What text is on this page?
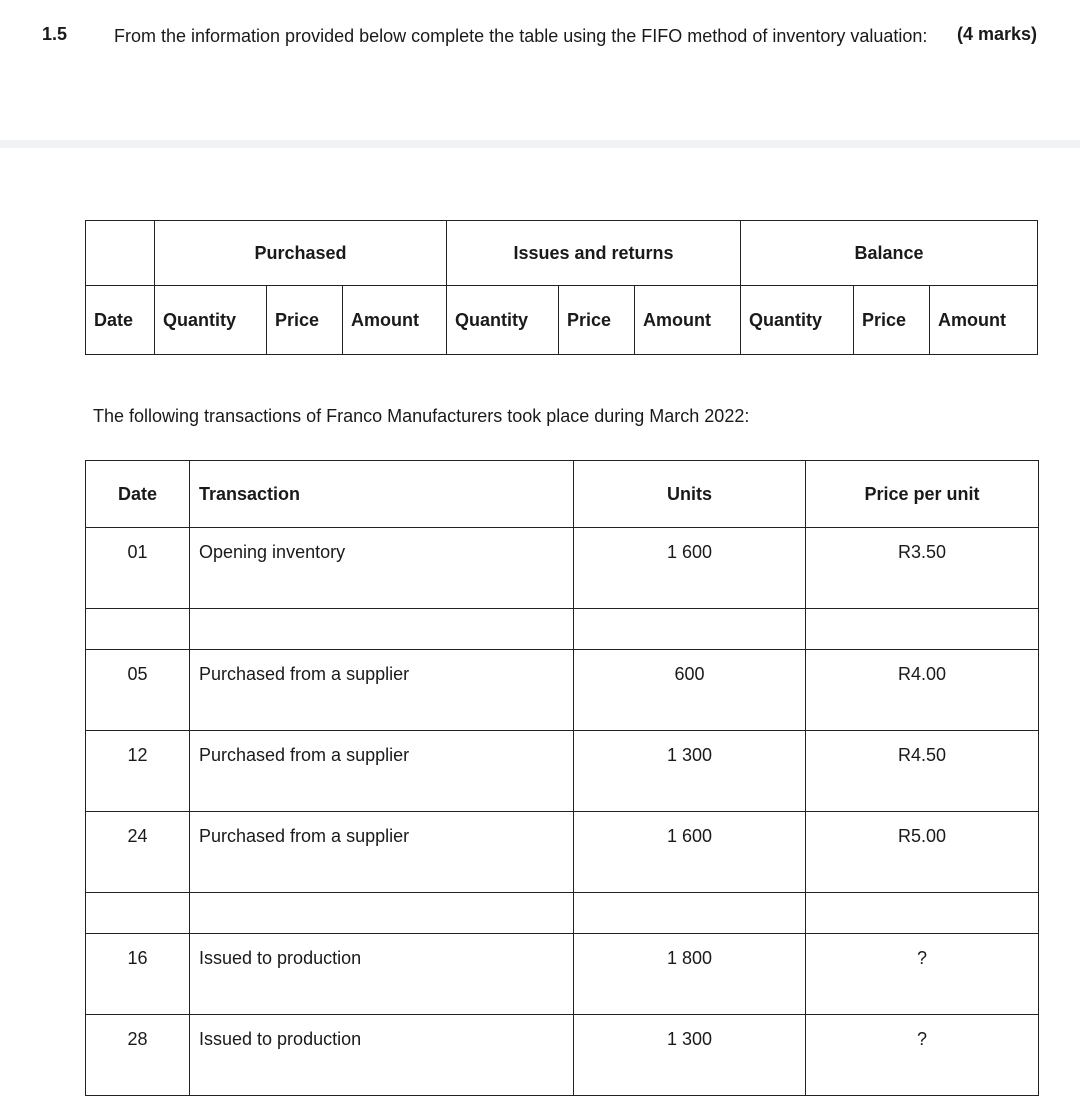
1.5	From the information provided below complete the table using the FIFO method of inventory valuation:	(4 marks)
	Purchased			Issues and returns			Balance		
Date	Quantity	Price	Amount	Quantity	Price	Amount	Quantity	Price	Amount
The following transactions of Franco Manufacturers took place during March 2022:
Date	Transaction	Units	Price per unit
01	Opening inventory	1 600	R3.50

05	Purchased from a supplier	600	R4.00
12	Purchased from a supplier	1 300	R4.50
24	Purchased from a supplier	1 600	R5.00

16	Issued to production	1 800	?
28	Issued to production	1 300	?
